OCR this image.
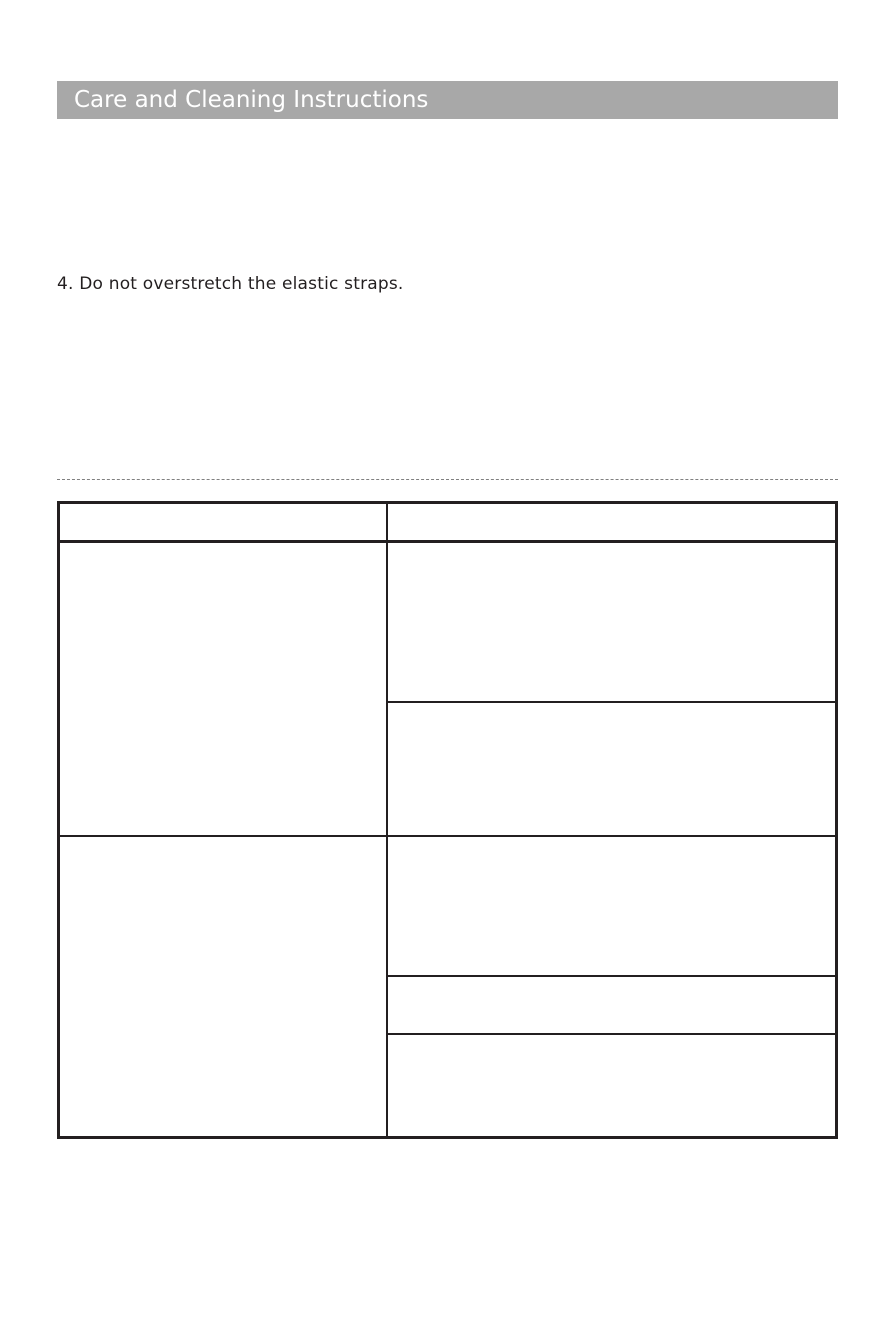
Care and Cleaning Instructions
4. Do not overstretch the elastic straps.
